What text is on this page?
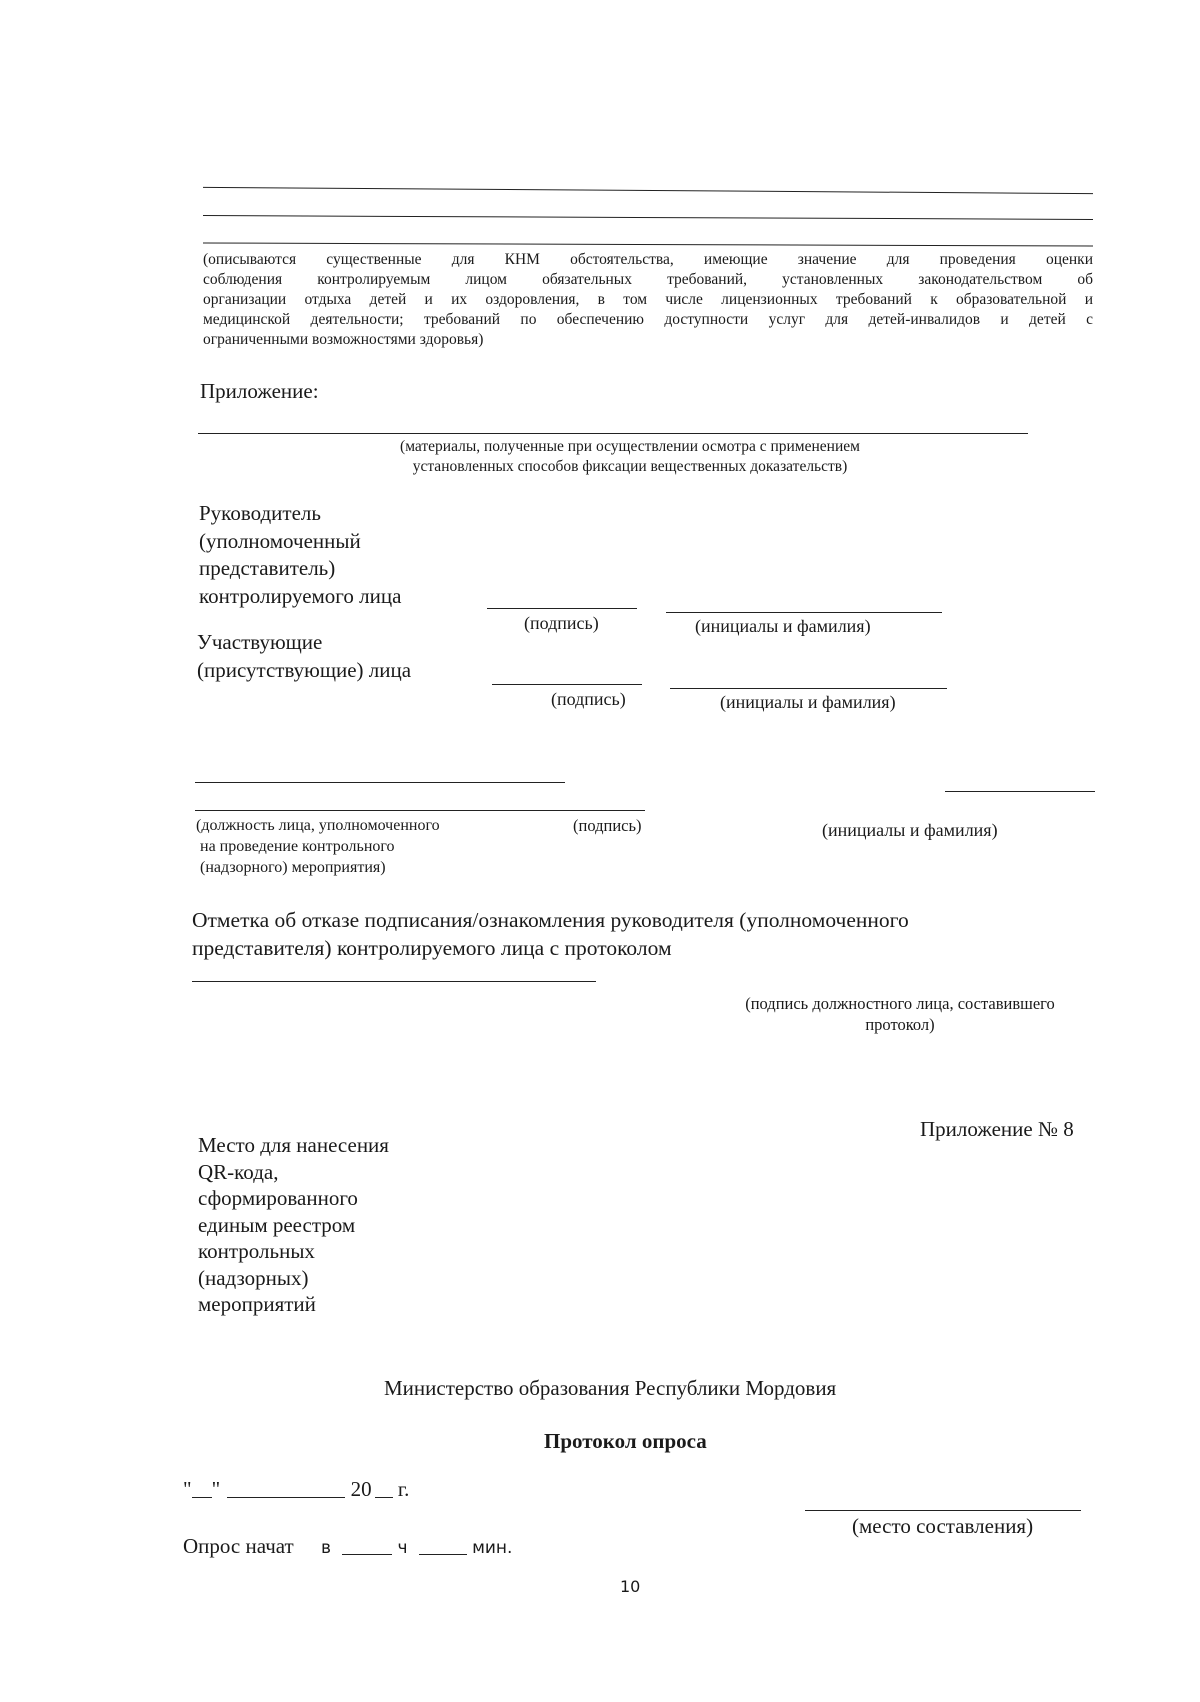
(описываются существенные для КНМ обстоятельства, имеющие значение для проведения оценки
соблюдения контролируемым лицом обязательных требований, установленных законодательством об
организации отдыха детей и их оздоровления, в том числе лицензионных требований к образовательной и
медицинской деятельности; требований по обеспечению доступности услуг для детей-инвалидов и детей с
ограниченными возможностями здоровья)
Приложение:
(материалы, полученные при осуществлении осмотра с применением
установленных способов фиксации вещественных доказательств)
Руководитель
(уполномоченный
представитель)
контролируемого лица
(подпись)	(инициалы и фамилия)
Участвующие
(присутствующие) лица
(подпись)	(инициалы и фамилия)
(должность лица, уполномоченного
на проведение контрольного
(надзорного) мероприятия)
(подпись)	(инициалы и фамилия)
Отметка об отказе подписания/ознакомления руководителя (уполномоченного
представителя) контролируемого лица с протоколом
(подпись должностного лица, составившего
протокол)
Приложение № 8
Место для нанесения
QR-кода,
сформированного
единым реестром
контрольных
(надзорных)
мероприятий
Министерство образования Республики Мордовия
Протокол опроса
" "	20 г.
(место составления)
Опрос начат в	ч	мин.
10
